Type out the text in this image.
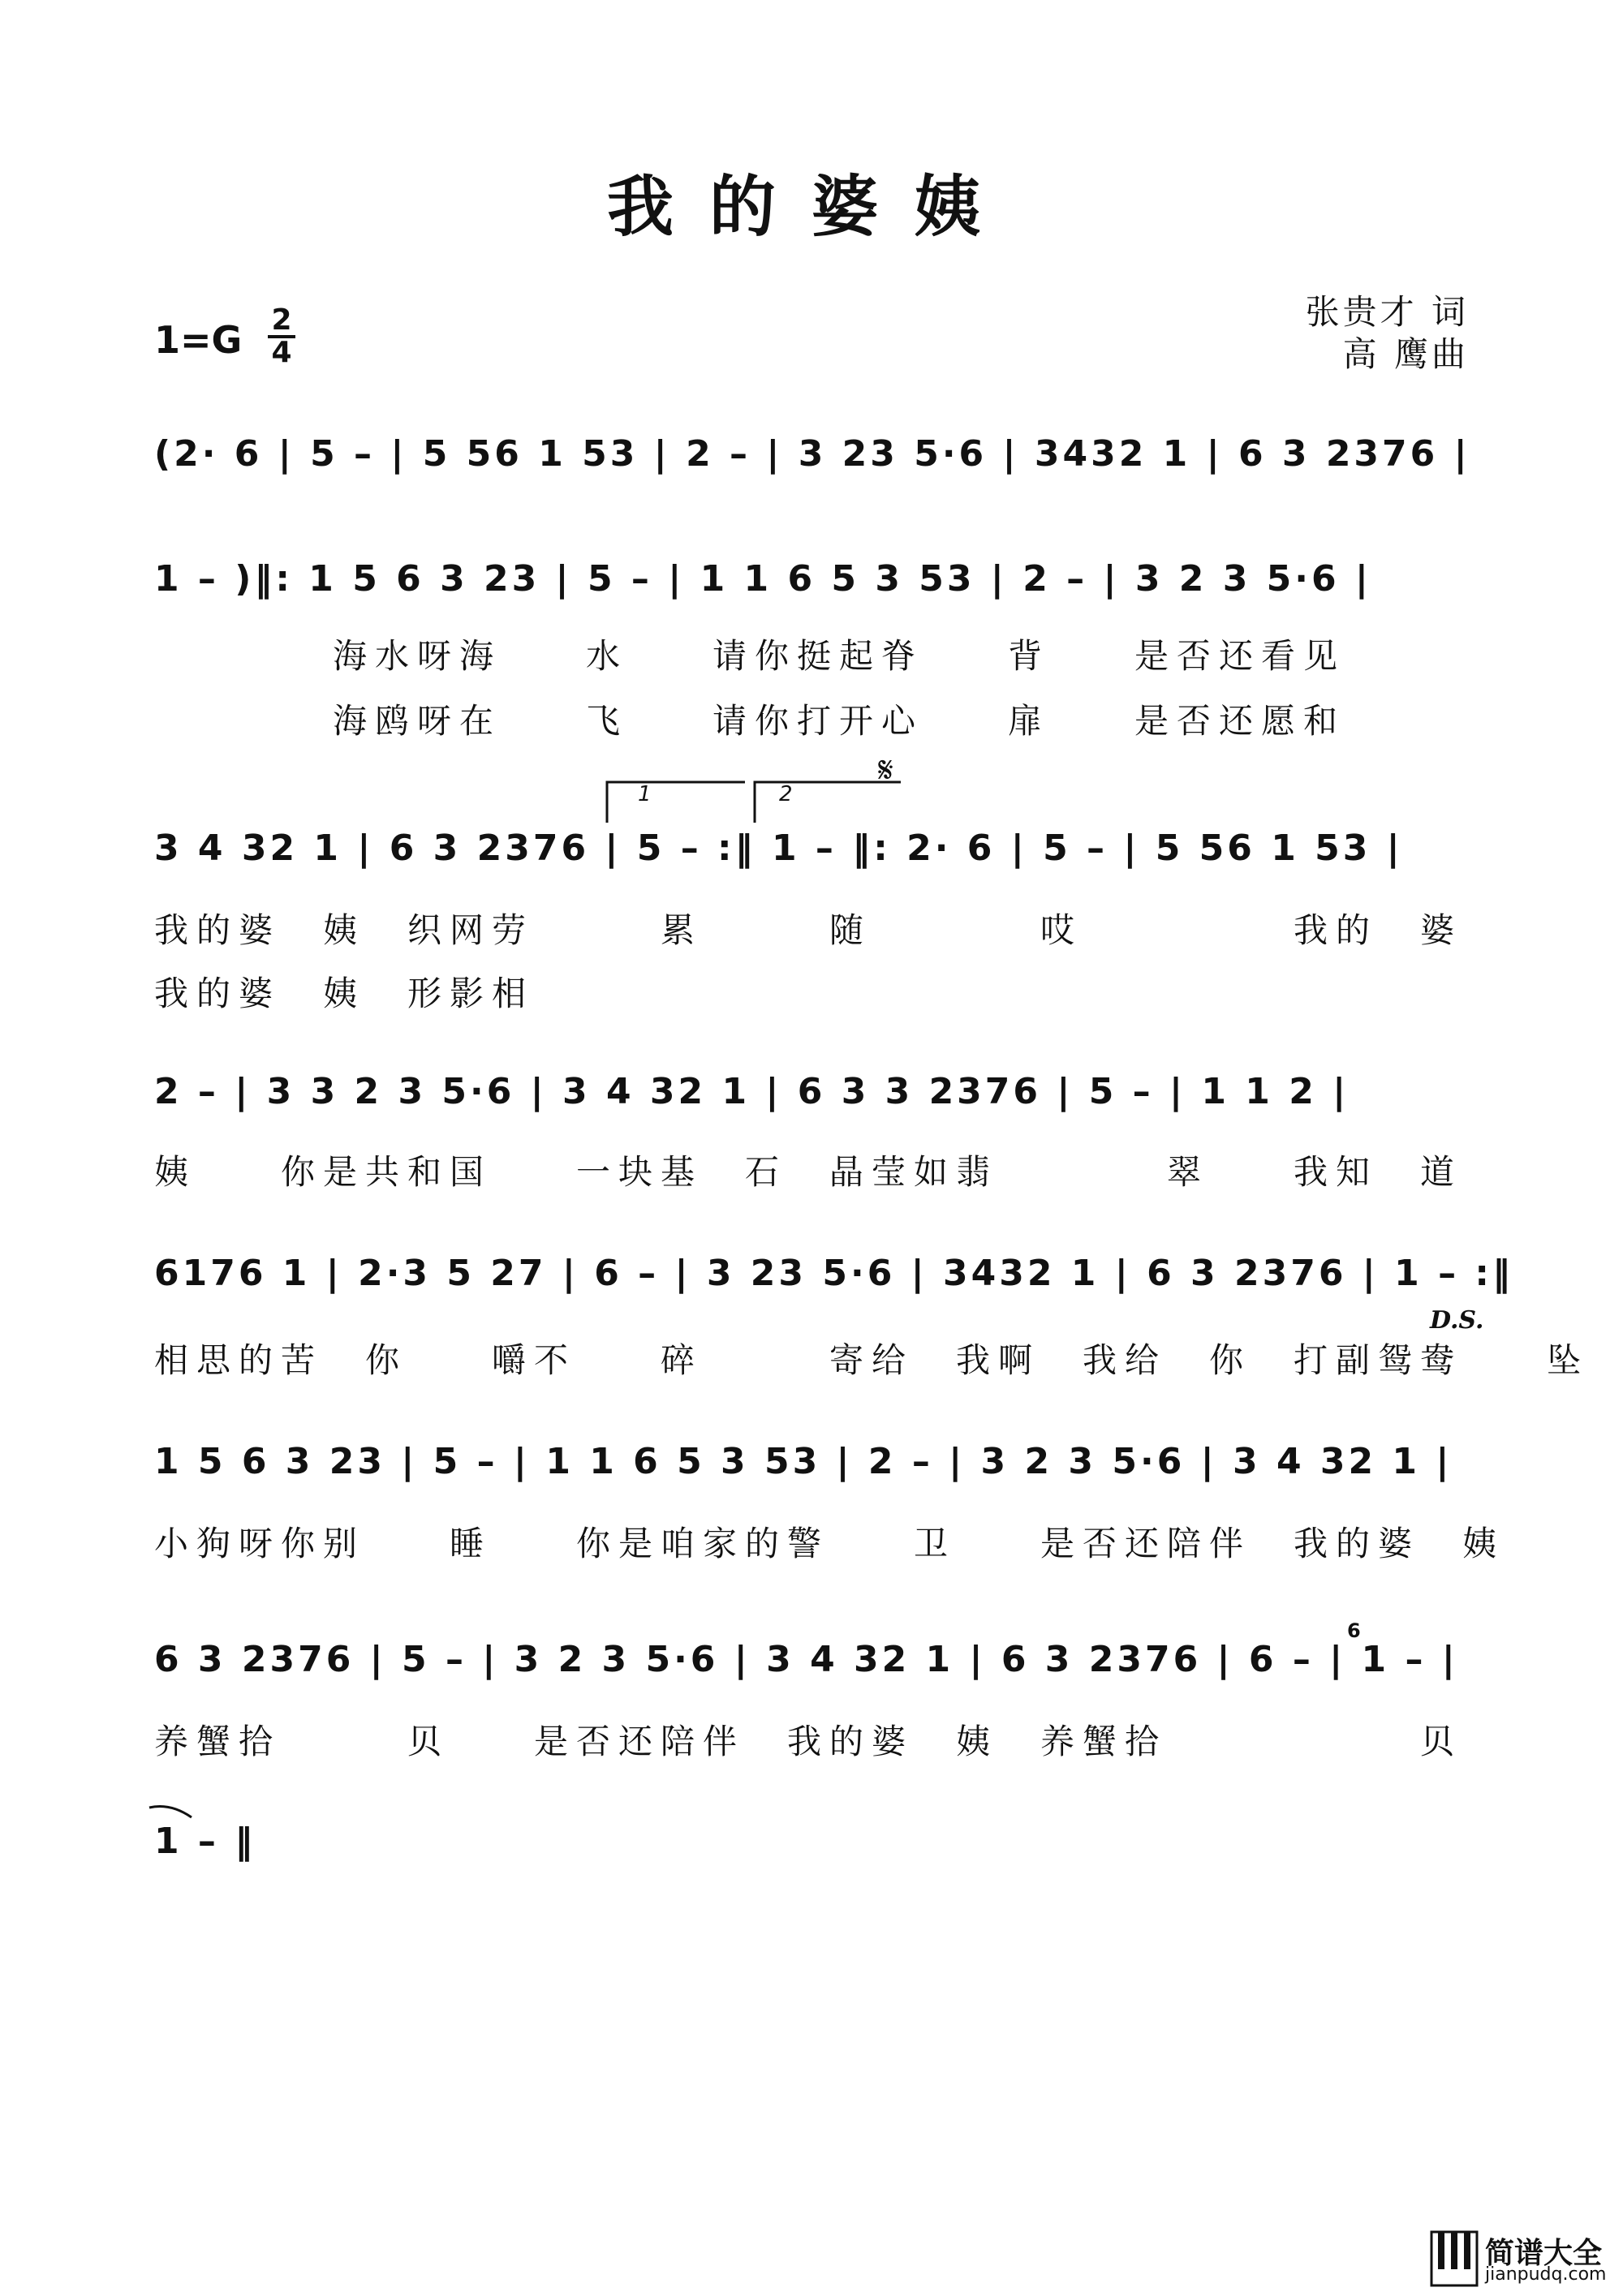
我的婆姨
张贵才 词
高 鹰曲
1=G 2
4
(2· 6 | 5 – | 5 56 1 53 | 2 – | 3 23 5·6 | 3432 1 | 6 3 2376 |
1 – )‖: 1 5 6 3 23 | 5 – | 1 1 6 5 3 53 | 2 – | 3 2 3 5·6 |
海水呀海　　水　　请你挺起脊　　背　　是否还看见
海鸥呀在　　飞　　请你打开心　　扉　　是否还愿和
1	2
𝄋
3 4 32 1 | 6 3 2376 | 5 – :‖ 1 – ‖: 2· 6 | 5 – | 5 56 1 53 |
我的婆　姨　织网劳　　　累　　　随　　　　哎　　　　　我的　婆
我的婆　姨　形影相
2 – | 3 3 2 3 5·6 | 3 4 32 1 | 6 3 3 2376 | 5 – | 1 1 2 |
姨　　你是共和国　　一块基　石　晶莹如翡　　　　翠　　我知　道
6176 1 | 2·3 5 27 | 6 – | 3 23 5·6 | 3432 1 | 6 3 2376 | 1 – :‖
相思的苦　你　　嚼不　　碎　　　寄给　我啊　我给　你　打副鸳鸯　　坠
D.S.
1 5 6 3 23 | 5 – | 1 1 6 5 3 53 | 2 – | 3 2 3 5·6 | 3 4 32 1 |
小狗呀你别　　睡　　你是咱家的警　　卫　　是否还陪伴　我的婆　姨
6
6 3 2376 | 5 – | 3 2 3 5·6 | 3 4 32 1 | 6 3 2376 | 6 – | 1 – |
养蟹拾　　　贝　　是否还陪伴　我的婆　姨　养蟹拾　　　　　　贝
1 – ‖
简谱大全
jianpudq.com
